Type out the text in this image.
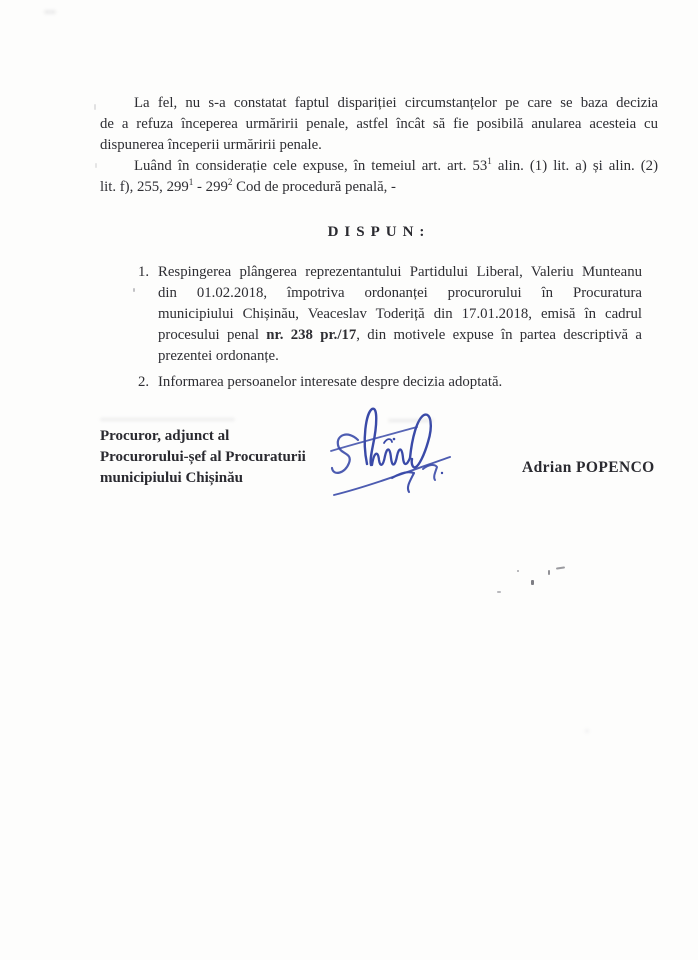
La fel, nu s-a constatat faptul dispariției circumstanțelor pe care se baza decizia
de a refuza începerea urmăririi penale, astfel încât să fie posibilă anularea acesteia cu
dispunerea începerii urmăririi penale.
Luând în considerație cele expuse, în temeiul art. art. $53^1$ alin. (1) lit. a) și alin. (2)
lit. f), 255, $299^1 - 299^2$ Cod de procedură penală, -
DISPUN:
1. Respingerea plângerea reprezentantului Partidului Liberal, Valeriu Munteanu
din 01.02.2018, împotriva ordonanței procurorului în Procuratura
municipiului Chișinău, Veaceslav Toderiță din 17.01.2018, emisă în cadrul
procesului penal nr. 238 pr./17, din motivele expuse în partea descriptivă a
prezentei ordonanțe.
2. Informarea persoanelor interesate despre decizia adoptată.
Procuror, adjunct al
Procurorului-șef al Procuraturii
municipiului Chișinău
Adrian POPENCO
